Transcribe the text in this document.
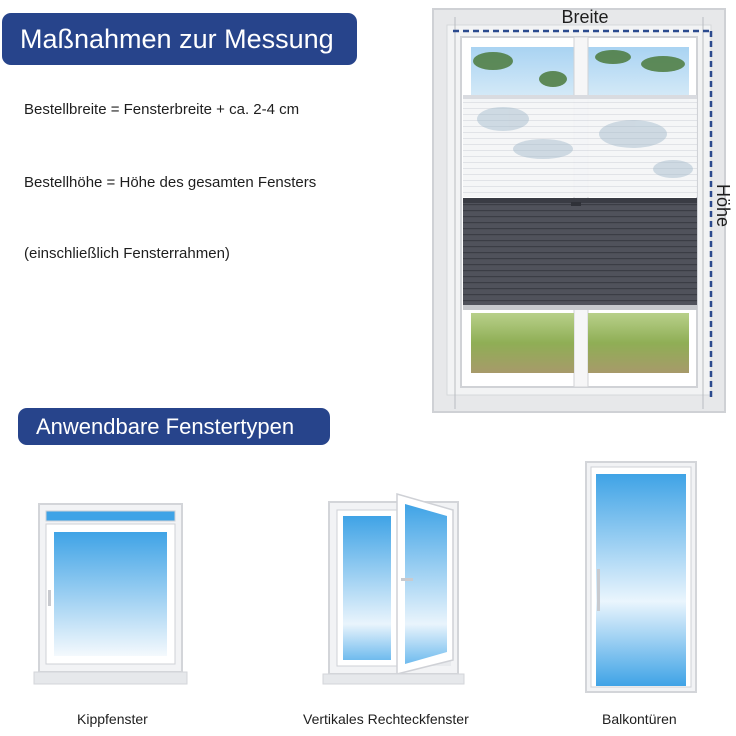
Maßnahmen zur Messung
Bestellbreite = Fensterbreite + ca. 2-4 cm
Bestellhöhe = Höhe des gesamten Fensters
(einschließlich Fensterrahmen)
Breite
Höhe
Anwendbare Fenstertypen
Kippfenster	Vertikales Rechteckfenster	Balkontüren
